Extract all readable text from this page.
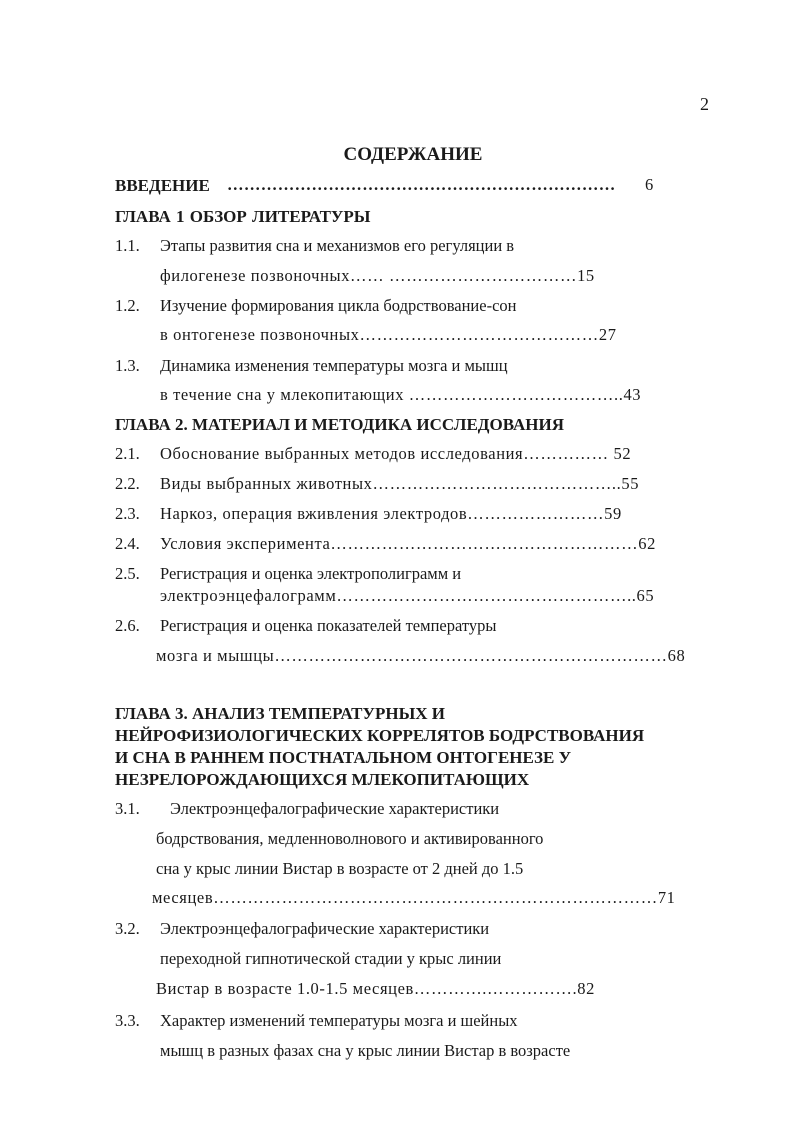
2
СОДЕРЖАНИЕ
ВВЕДЕНИЕ …………………………………………………………… 6
ГЛАВА 1 ОБЗОР ЛИТЕРАТУРЫ
1.1. Этапы развития сна и механизмов его регуляции в
филогенезе позвоночных…… ……………………………15
1.2. Изучение формирования цикла бодрствование-сон
в онтогенезе позвоночных……………………………………27
1.3. Динамика изменения температуры мозга и мышц
в течение сна у млекопитающих ………………………………..43
ГЛАВА 2. МАТЕРИАЛ И МЕТОДИКА ИССЛЕДОВАНИЯ
2.1. Обоснование выбранных методов исследования…………… 52
2.2. Виды выбранных животных……………………………………..55
2.3. Наркоз, операция вживления электродов……………………59
2.4. Условия эксперимента………………………………………………62
2.5. Регистрация и оценка электрополиграмм и
электроэнцефалограмм……………………………………………..65
2.6. Регистрация и оценка показателей температуры
мозга и мышцы……………………………………………………………68
ГЛАВА 3. АНАЛИЗ ТЕМПЕРАТУРНЫХ И
НЕЙРОФИЗИОЛОГИЧЕСКИХ КОРРЕЛЯТОВ БОДРСТВОВАНИЯ
И СНА В РАННЕМ ПОСТНАТАЛЬНОМ ОНТОГЕНЕЗЕ У
НЕЗРЕЛОРОЖДАЮЩИХСЯ МЛЕКОПИТАЮЩИХ
3.1. Электроэнцефалографические характеристики
бодрствования, медленноволнового и активированного
сна у крыс линии Вистар в возрасте от 2 дней до 1.5
месяцев……………………………………………………………………71
3.2. Электроэнцефалографические характеристики
переходной гипнотической стадии у крыс линии
Вистар в возрасте 1.0-1.5 месяцев………….…………….82
3.3. Характер изменений температуры мозга и шейных
мышц в разных фазах сна у крыс линии Вистар в возрасте
